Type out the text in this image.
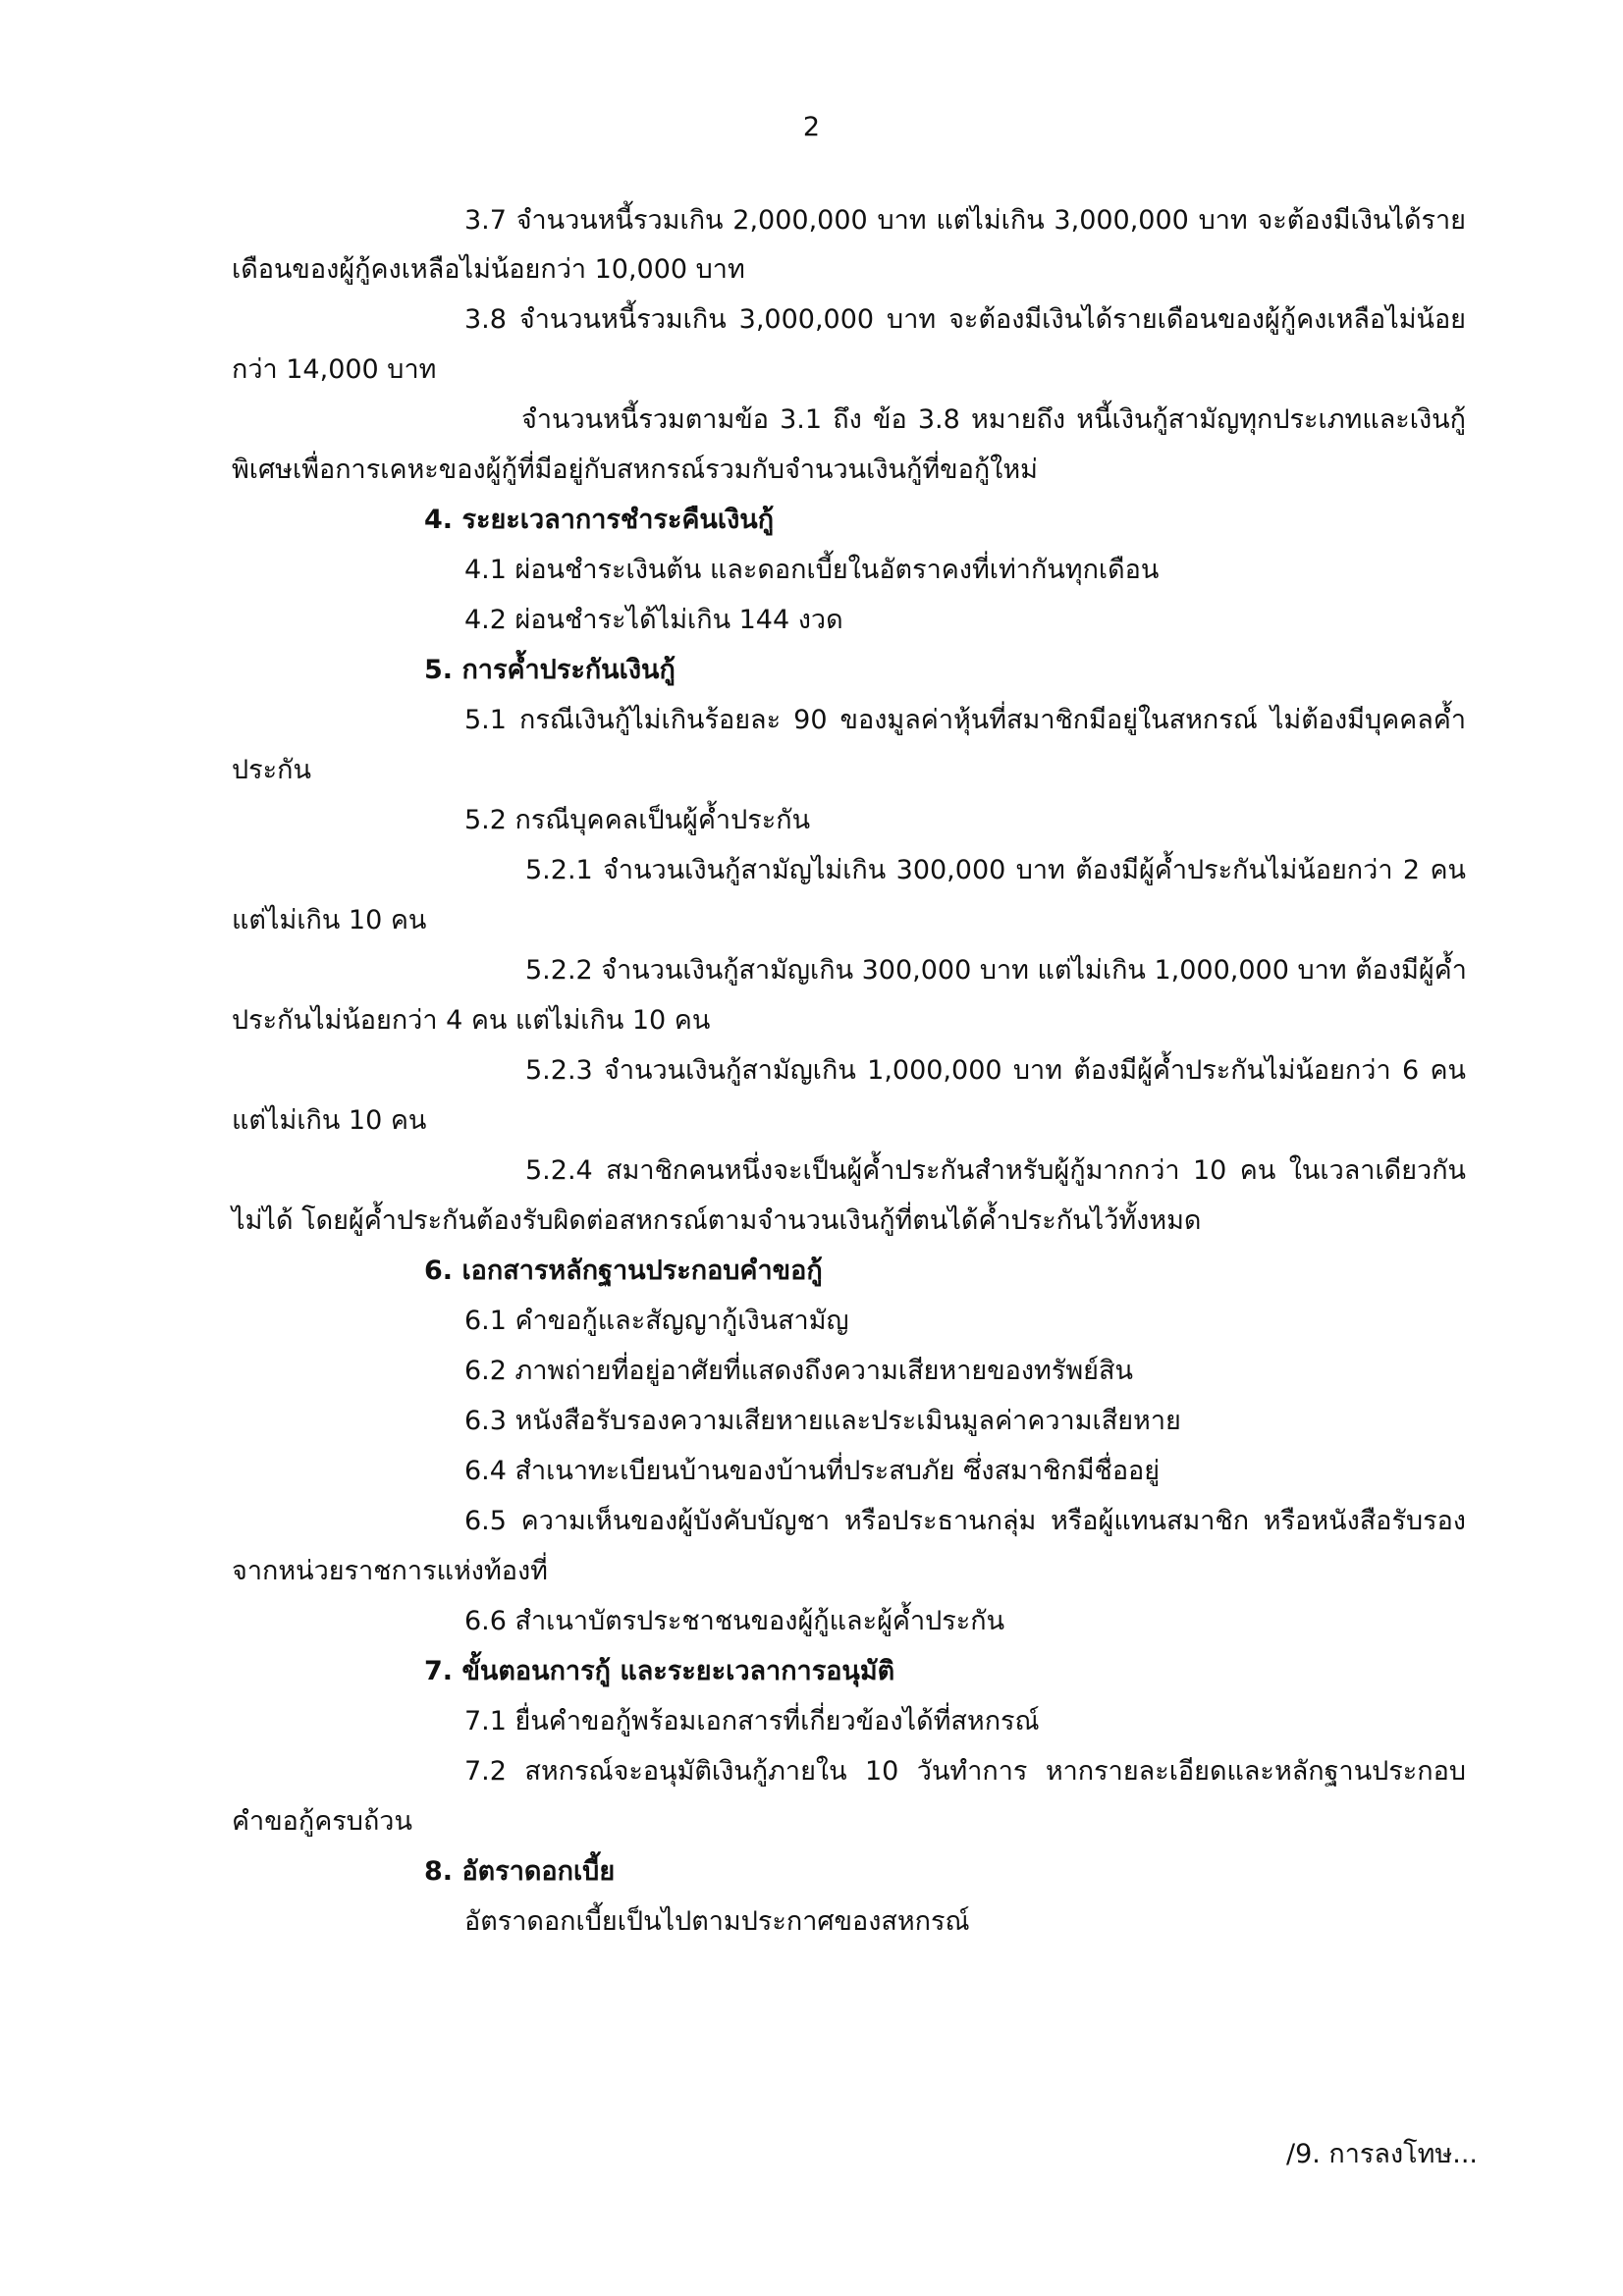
2
3.7 จำนวนหนี้รวมเกิน 2,000,000 บาท แต่ไม่เกิน 3,000,000 บาท จะต้องมีเงินได้ราย
เดือนของผู้กู้คงเหลือไม่น้อยกว่า 10,000 บาท
3.8 จำนวนหนี้รวมเกิน 3,000,000 บาท จะต้องมีเงินได้รายเดือนของผู้กู้คงเหลือไม่น้อย
กว่า 14,000 บาท
จำนวนหนี้รวมตามข้อ 3.1 ถึง ข้อ 3.8 หมายถึง หนี้เงินกู้สามัญทุกประเภทและเงินกู้
พิเศษเพื่อการเคหะของผู้กู้ที่มีอยู่กับสหกรณ์รวมกับจำนวนเงินกู้ที่ขอกู้ใหม่
4. ระยะเวลาการชำระคืนเงินกู้
4.1 ผ่อนชำระเงินต้น และดอกเบี้ยในอัตราคงที่เท่ากันทุกเดือน
4.2 ผ่อนชำระได้ไม่เกิน 144 งวด
5. การค้ำประกันเงินกู้
5.1 กรณีเงินกู้ไม่เกินร้อยละ 90 ของมูลค่าหุ้นที่สมาชิกมีอยู่ในสหกรณ์ ไม่ต้องมีบุคคลค้ำ
ประกัน
5.2 กรณีบุคคลเป็นผู้ค้ำประกัน
5.2.1 จำนวนเงินกู้สามัญไม่เกิน 300,000 บาท ต้องมีผู้ค้ำประกันไม่น้อยกว่า 2 คน
แต่ไม่เกิน 10 คน
5.2.2 จำนวนเงินกู้สามัญเกิน 300,000 บาท แต่ไม่เกิน 1,000,000 บาท ต้องมีผู้ค้ำ
ประกันไม่น้อยกว่า 4 คน แต่ไม่เกิน 10 คน
5.2.3 จำนวนเงินกู้สามัญเกิน 1,000,000 บาท ต้องมีผู้ค้ำประกันไม่น้อยกว่า 6 คน
แต่ไม่เกิน 10 คน
5.2.4 สมาชิกคนหนึ่งจะเป็นผู้ค้ำประกันสำหรับผู้กู้มากกว่า 10 คน ในเวลาเดียวกัน
ไม่ได้ โดยผู้ค้ำประกันต้องรับผิดต่อสหกรณ์ตามจำนวนเงินกู้ที่ตนได้ค้ำประกันไว้ทั้งหมด
6. เอกสารหลักฐานประกอบคำขอกู้
6.1 คำขอกู้และสัญญากู้เงินสามัญ
6.2 ภาพถ่ายที่อยู่อาศัยที่แสดงถึงความเสียหายของทรัพย์สิน
6.3 หนังสือรับรองความเสียหายและประเมินมูลค่าความเสียหาย
6.4 สำเนาทะเบียนบ้านของบ้านที่ประสบภัย ซึ่งสมาชิกมีชื่ออยู่
6.5 ความเห็นของผู้บังคับบัญชา หรือประธานกลุ่ม หรือผู้แทนสมาชิก หรือหนังสือรับรอง
จากหน่วยราชการแห่งท้องที่
6.6 สำเนาบัตรประชาชนของผู้กู้และผู้ค้ำประกัน
7. ขั้นตอนการกู้ และระยะเวลาการอนุมัติ
7.1 ยื่นคำขอกู้พร้อมเอกสารที่เกี่ยวข้องได้ที่สหกรณ์
7.2 สหกรณ์จะอนุมัติเงินกู้ภายใน 10 วันทำการ หากรายละเอียดและหลักฐานประกอบ
คำขอกู้ครบถ้วน
8. อัตราดอกเบี้ย
อัตราดอกเบี้ยเป็นไปตามประกาศของสหกรณ์
/9. การลงโทษ...
